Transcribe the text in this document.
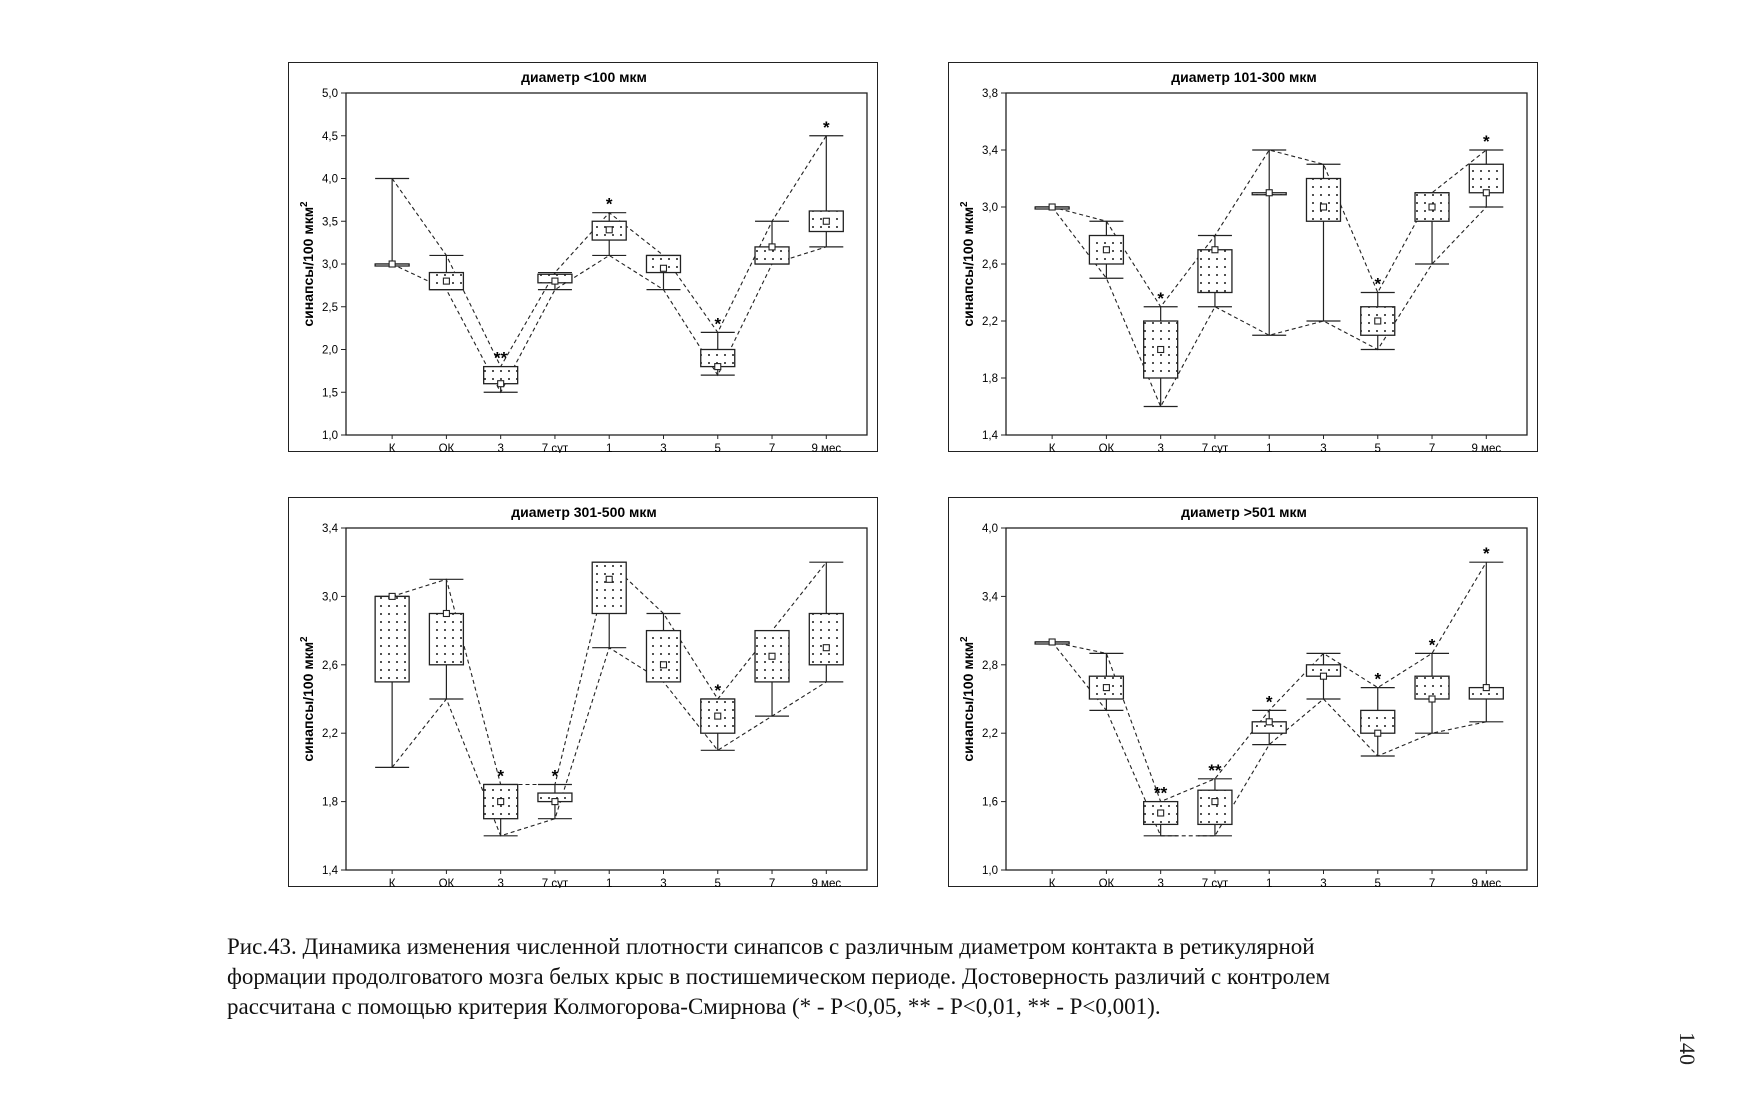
диаметр <100 мкм
синапсы/100 мкм$^2$
1,0
1,5
2,0
2,5
3,0
3,5
4,0
4,5
5,0
К	ОК	3	7 сут	1	3	5	7	9 мес
**
*
*
*
диаметр 101-300 мкм
синапсы/100 мкм$^2$
1,4
1,8
2,2
2,6
3,0
3,4
3,8
К	ОК	3	7 сут	1	3	5	7	9 мес
*
*
*
диаметр 301-500 мкм
синапсы/100 мкм$^2$
1,4
1,8
2,2
2,6
3,0
3,4
К	ОК	3	7 сут	1	3	5	7	9 мес
*	*
*
диаметр >501 мкм
синапсы/100 мкм$^2$
1,0
1,6
2,2
2,8
3,4
4,0
К	ОК	3	7 сут	1	3	5	7	9 мес
**
**
*
*
*
*
Рис.43. Динамика изменения численной плотности синапсов с различным диаметром контакта в ретикулярной
формации продолговатого мозга белых крыс в постишемическом периоде. Достоверность различий с контролем
рассчитана с помощью критерия Колмогорова-Смирнова (* - Р<0,05, ** - Р<0,01, ** - Р<0,001).
140
